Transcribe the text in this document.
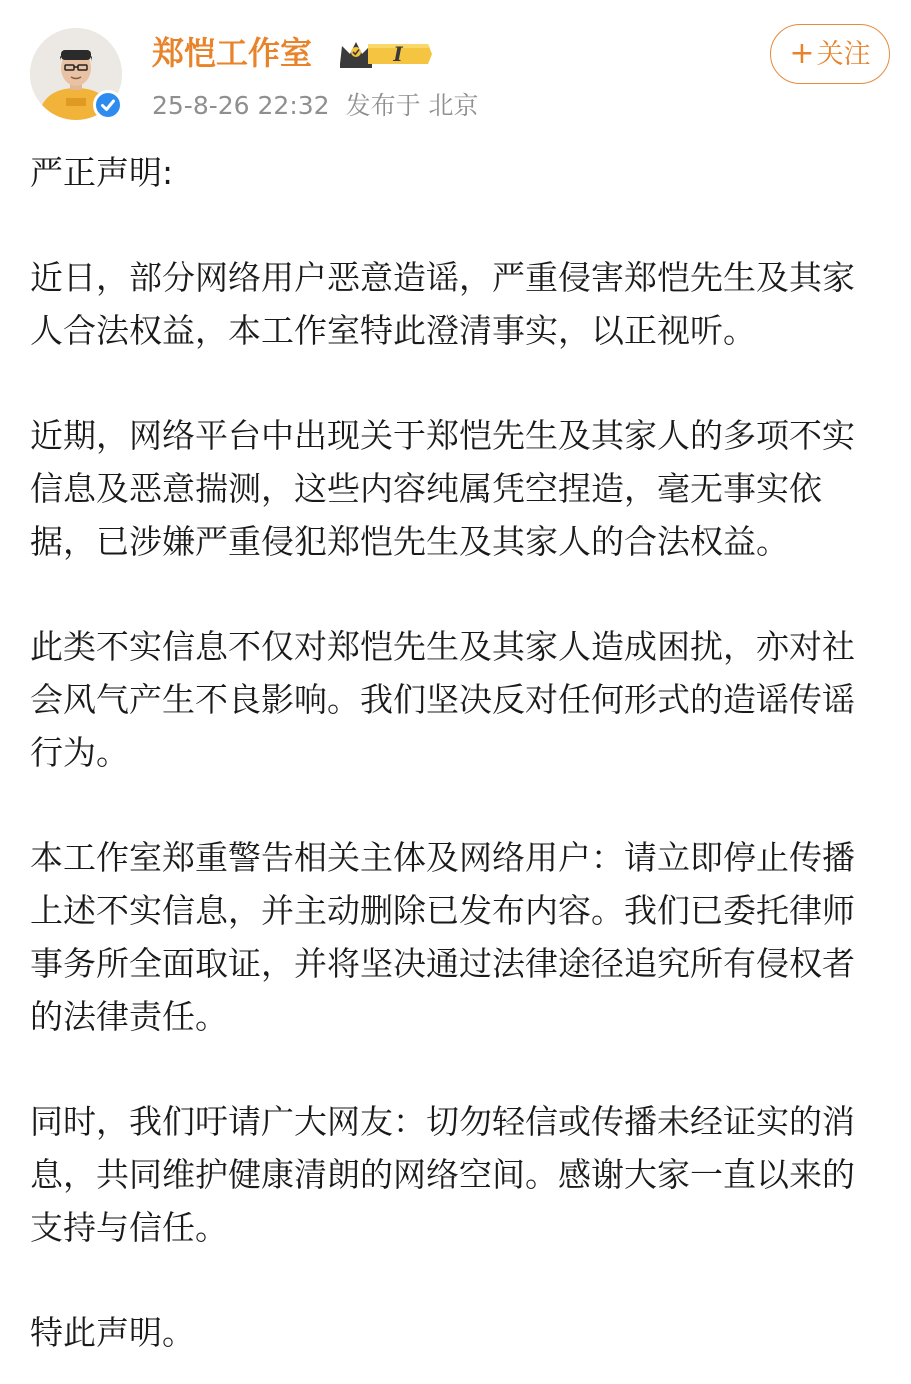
郑恺工作室	I
25-8-26 22:32 发布于 北京
+关注

严正声明:

近日，部分网络用户恶意造谣，严重侵害郑恺先生及其家人合法权益，本工作室特此澄清事实，以正视听。

近期，网络平台中出现关于郑恺先生及其家人的多项不实信息及恶意揣测，这些内容纯属凭空捏造，毫无事实依据，已涉嫌严重侵犯郑恺先生及其家人的合法权益。

此类不实信息不仅对郑恺先生及其家人造成困扰，亦对社会风气产生不良影响。我们坚决反对任何形式的造谣传谣行为。

本工作室郑重警告相关主体及网络用户：请立即停止传播上述不实信息，并主动删除已发布内容。我们已委托律师事务所全面取证，并将坚决通过法律途径追究所有侵权者的法律责任。

同时，我们吁请广大网友：切勿轻信或传播未经证实的消息，共同维护健康清朗的网络空间。感谢大家一直以来的支持与信任。

特此声明。
